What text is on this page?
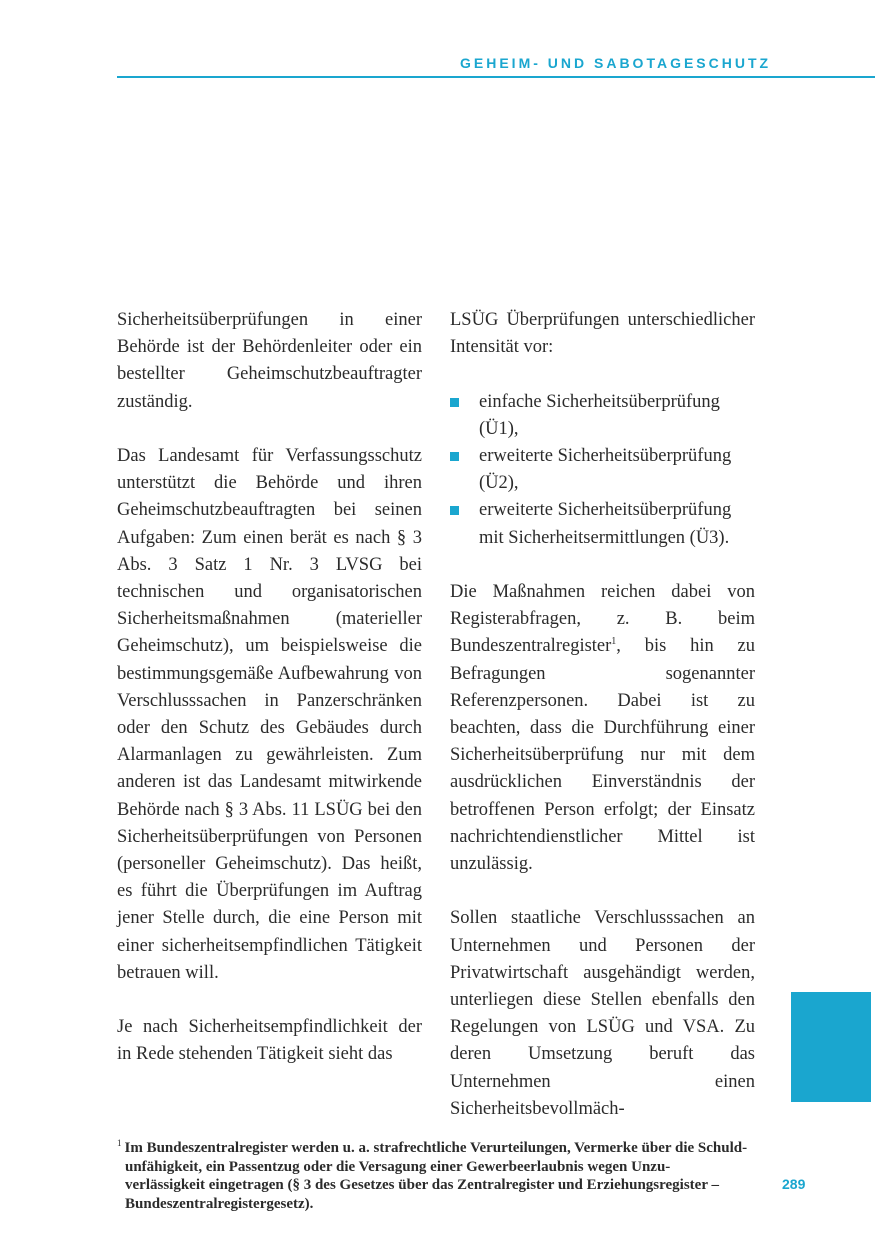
GEHEIM- UND SABOTAGESCHUTZ

Sicherheitsüberprüfungen in einer Behörde ist der Behördenleiter oder ein bestellter Geheimschutzbeauftragter zuständig.

Das Landesamt für Verfassungsschutz unterstützt die Behörde und ihren Geheimschutzbeauftragten bei seinen Aufgaben: Zum einen berät es nach § 3 Abs. 3 Satz 1 Nr. 3 LVSG bei technischen und organisatorischen Sicherheitsmaßnahmen (materieller Geheimschutz), um beispielsweise die bestimmungsgemäße Aufbewahrung von Verschlusssachen in Panzerschränken oder den Schutz des Gebäudes durch Alarmanlagen zu gewährleisten. Zum anderen ist das Landesamt mitwirkende Behörde nach § 3 Abs. 11 LSÜG bei den Sicherheitsüberprüfungen von Personen (personeller Geheimschutz). Das heißt, es führt die Überprüfungen im Auftrag jener Stelle durch, die eine Person mit einer sicherheitsempfindlichen Tätigkeit betrauen will.

Je nach Sicherheitsempfindlichkeit der in Rede stehenden Tätigkeit sieht das

LSÜG Überprüfungen unterschiedlicher Intensität vor:

einfache Sicherheitsüberprüfung (Ü1),
erweiterte Sicherheitsüberprüfung (Ü2),
erweiterte Sicherheitsüberprüfung mit Sicherheitsermittlungen (Ü3).

Die Maßnahmen reichen dabei von Registerabfragen, z. B. beim Bundeszentralregister$^1$, bis hin zu Befragungen sogenannter Referenzpersonen. Dabei ist zu beachten, dass die Durchführung einer Sicherheitsüberprüfung nur mit dem ausdrücklichen Einverständnis der betroffenen Person erfolgt; der Einsatz nachrichtendienstlicher Mittel ist unzulässig.

Sollen staatliche Verschlusssachen an Unternehmen und Personen der Privatwirtschaft ausgehändigt werden, unterliegen diese Stellen ebenfalls den Regelungen von LSÜG und VSA. Zu deren Umsetzung beruft das Unternehmen einen Sicherheitsbevollmäch-

$^1$ Im Bundeszentralregister werden u. a. strafrechtliche Verurteilungen, Vermerke über die Schuld-
unfähigkeit, ein Passentzug oder die Versagung einer Gewerbeerlaubnis wegen Unzu-
verlässigkeit eingetragen (§ 3 des Gesetzes über das Zentralregister und Erziehungsregister –
Bundeszentralregistergesetz).
289
